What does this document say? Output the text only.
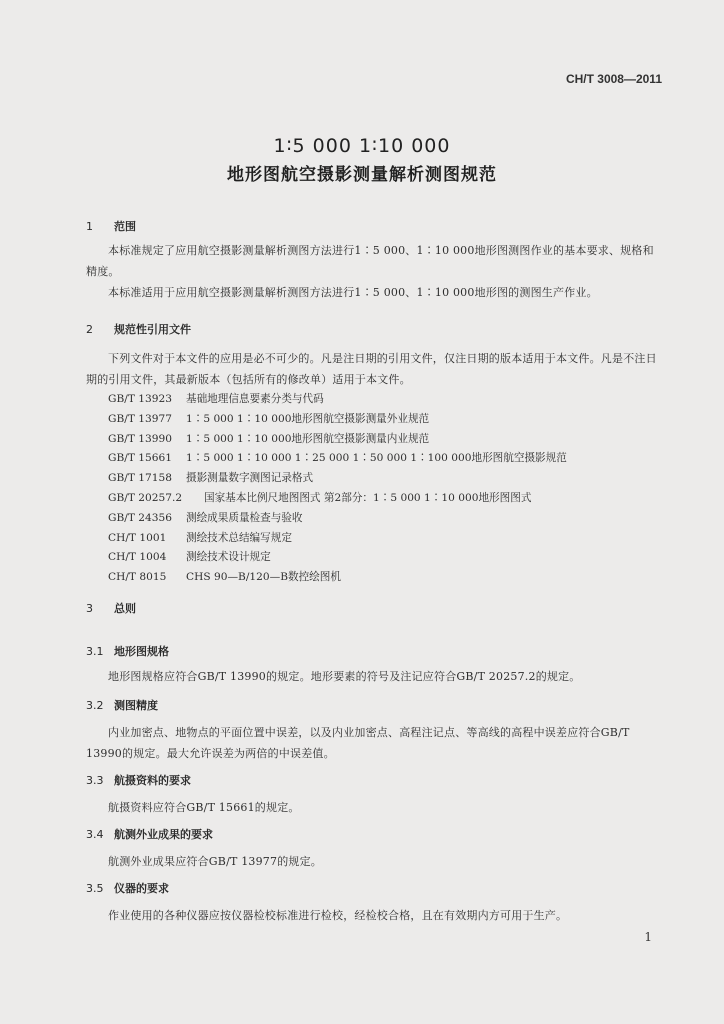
CH/T 3008—2011
1∶5 000 1∶10 000
地形图航空摄影测量解析测图规范
1 范围
本标准规定了应用航空摄影测量解析测图方法进行1∶5 000、1∶10 000地形图测图作业的基本要求、规格和精度。
本标准适用于应用航空摄影测量解析测图方法进行1∶5 000、1∶10 000地形图的测图生产作业。
2 规范性引用文件
下列文件对于本文件的应用是必不可少的。凡是注日期的引用文件，仅注日期的版本适用于本文件。凡是不注日期的引用文件，其最新版本（包括所有的修改单）适用于本文件。
GB/T 13923 基础地理信息要素分类与代码
GB/T 13977 1∶5 000 1∶10 000地形图航空摄影测量外业规范
GB/T 13990 1∶5 000 1∶10 000地形图航空摄影测量内业规范
GB/T 15661 1∶5 000 1∶10 000 1∶25 000 1∶50 000 1∶100 000地形图航空摄影规范
GB/T 17158 摄影测量数字测图记录格式
GB/T 20257.2 国家基本比例尺地图图式 第2部分：1∶5 000 1∶10 000地形图图式
GB/T 24356 测绘成果质量检查与验收
CH/T 1001 测绘技术总结编写规定
CH/T 1004 测绘技术设计规定
CH/T 8015 CHS 90—B/120—B数控绘图机
3 总则
3.1 地形图规格
地形图规格应符合GB/T 13990的规定。地形要素的符号及注记应符合GB/T 20257.2的规定。
3.2 测图精度
内业加密点、地物点的平面位置中误差，以及内业加密点、高程注记点、等高线的高程中误差应符合GB/T 13990的规定。最大允许误差为两倍的中误差值。
3.3 航摄资料的要求
航摄资料应符合GB/T 15661的规定。
3.4 航测外业成果的要求
航测外业成果应符合GB/T 13977的规定。
3.5 仪器的要求
作业使用的各种仪器应按仪器检校标准进行检校，经检校合格，且在有效期内方可用于生产。
1
